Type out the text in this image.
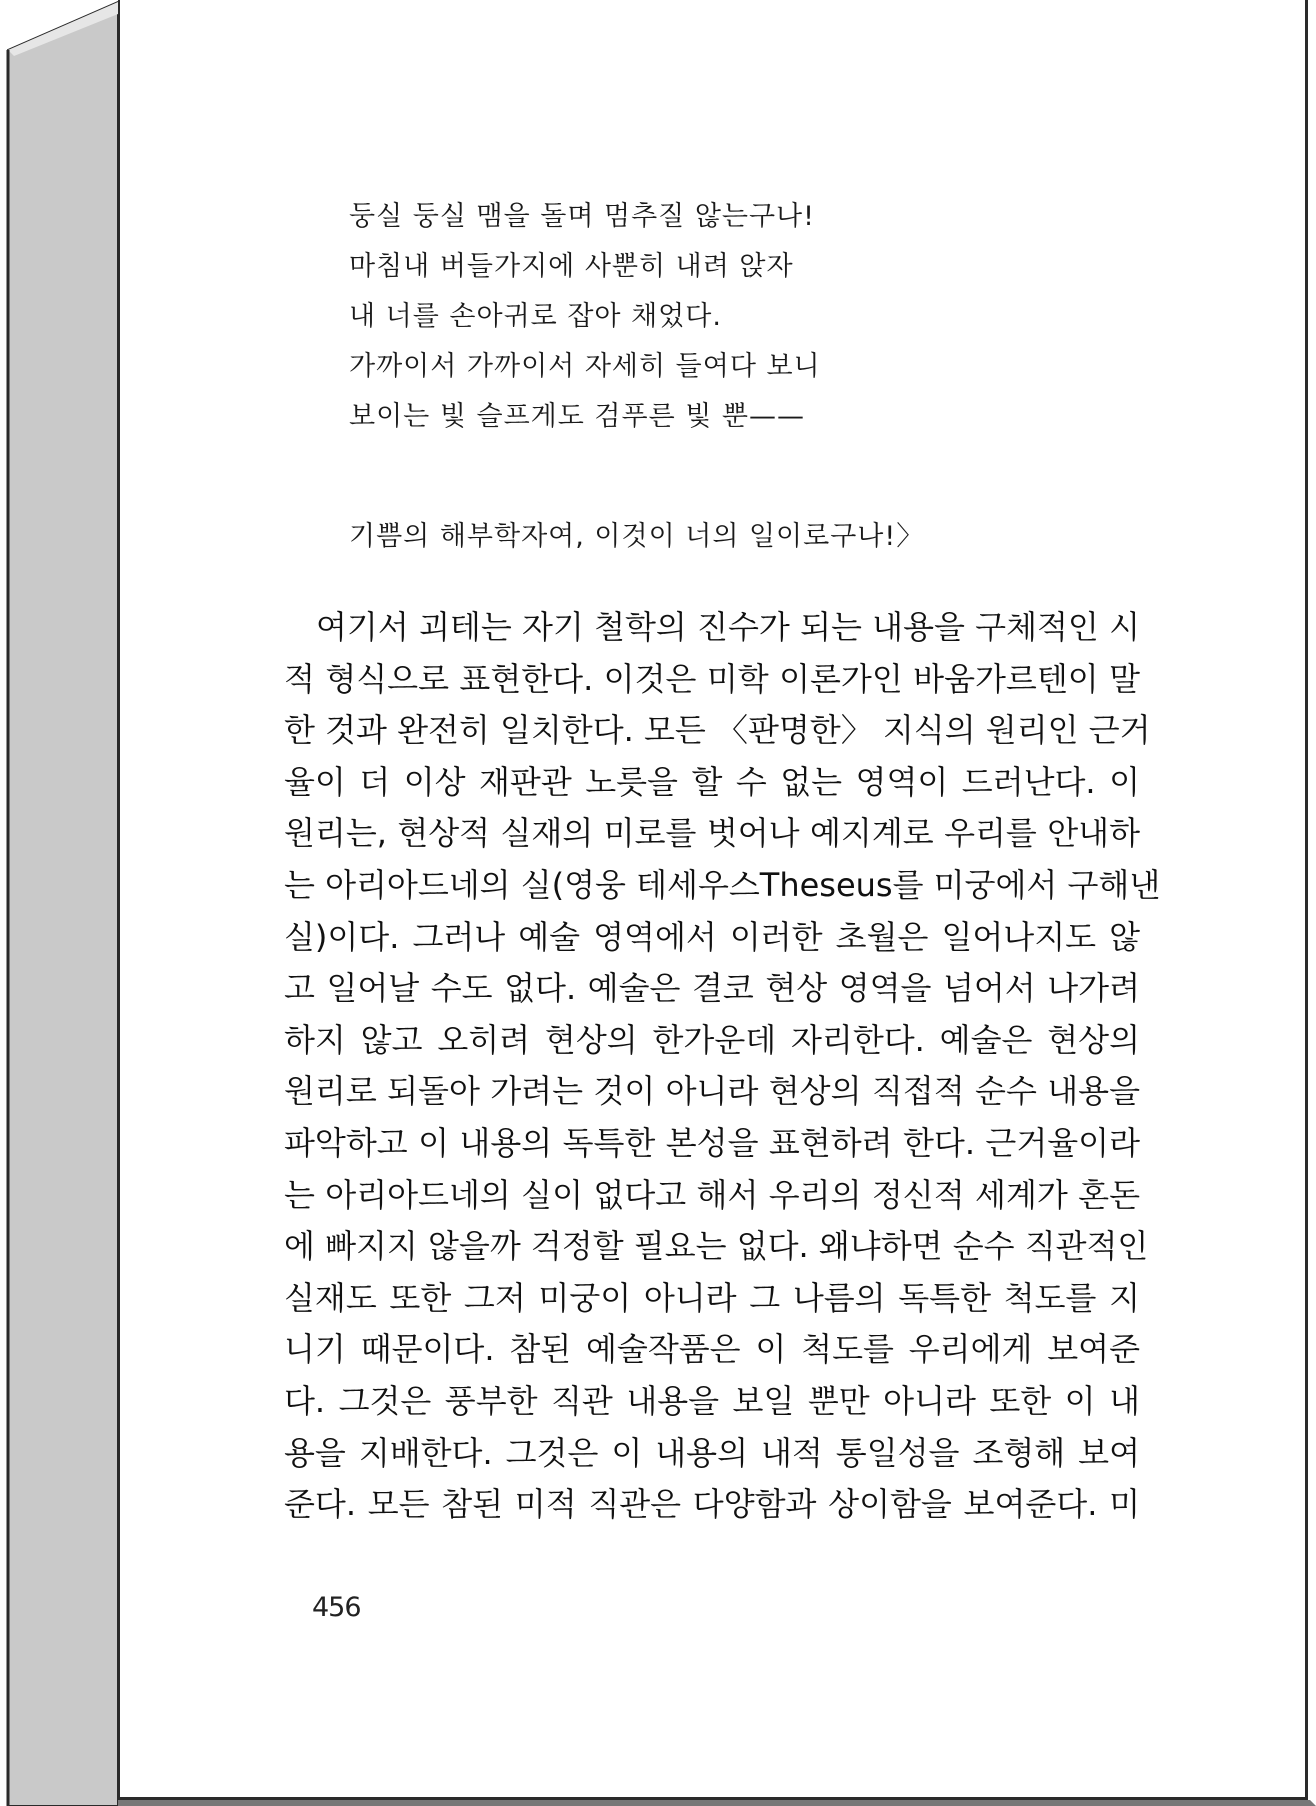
둥실 둥실 맴을 돌며 멈추질 않는구나!
마침내 버들가지에 사뿐히 내려 앉자
내 너를 손아귀로 잡아 채었다.
가까이서 가까이서 자세히 들여다 보니
보이는 빛 슬프게도 검푸른 빛 뿐——
기쁨의 해부학자여, 이것이 너의 일이로구나!〉
여기서 괴테는 자기 철학의 진수가 되는 내용을 구체적인 시
적 형식으로 표현한다. 이것은 미학 이론가인 바움가르텐이 말
한 것과 완전히 일치한다. 모든 〈판명한〉 지식의 원리인 근거
율이 더 이상 재판관 노릇을 할 수 없는 영역이 드러난다. 이
원리는, 현상적 실재의 미로를 벗어나 예지계로 우리를 안내하
는 아리아드네의 실(영웅 테세우스Theseus를 미궁에서 구해낸
실)이다. 그러나 예술 영역에서 이러한 초월은 일어나지도 않
고 일어날 수도 없다. 예술은 결코 현상 영역을 넘어서 나가려
하지 않고 오히려 현상의 한가운데 자리한다. 예술은 현상의
원리로 되돌아 가려는 것이 아니라 현상의 직접적 순수 내용을
파악하고 이 내용의 독특한 본성을 표현하려 한다. 근거율이라
는 아리아드네의 실이 없다고 해서 우리의 정신적 세계가 혼돈
에 빠지지 않을까 걱정할 필요는 없다. 왜냐하면 순수 직관적인
실재도 또한 그저 미궁이 아니라 그 나름의 독특한 척도를 지
니기 때문이다. 참된 예술작품은 이 척도를 우리에게 보여준
다. 그것은 풍부한 직관 내용을 보일 뿐만 아니라 또한 이 내
용을 지배한다. 그것은 이 내용의 내적 통일성을 조형해 보여
준다. 모든 참된 미적 직관은 다양함과 상이함을 보여준다. 미
456
